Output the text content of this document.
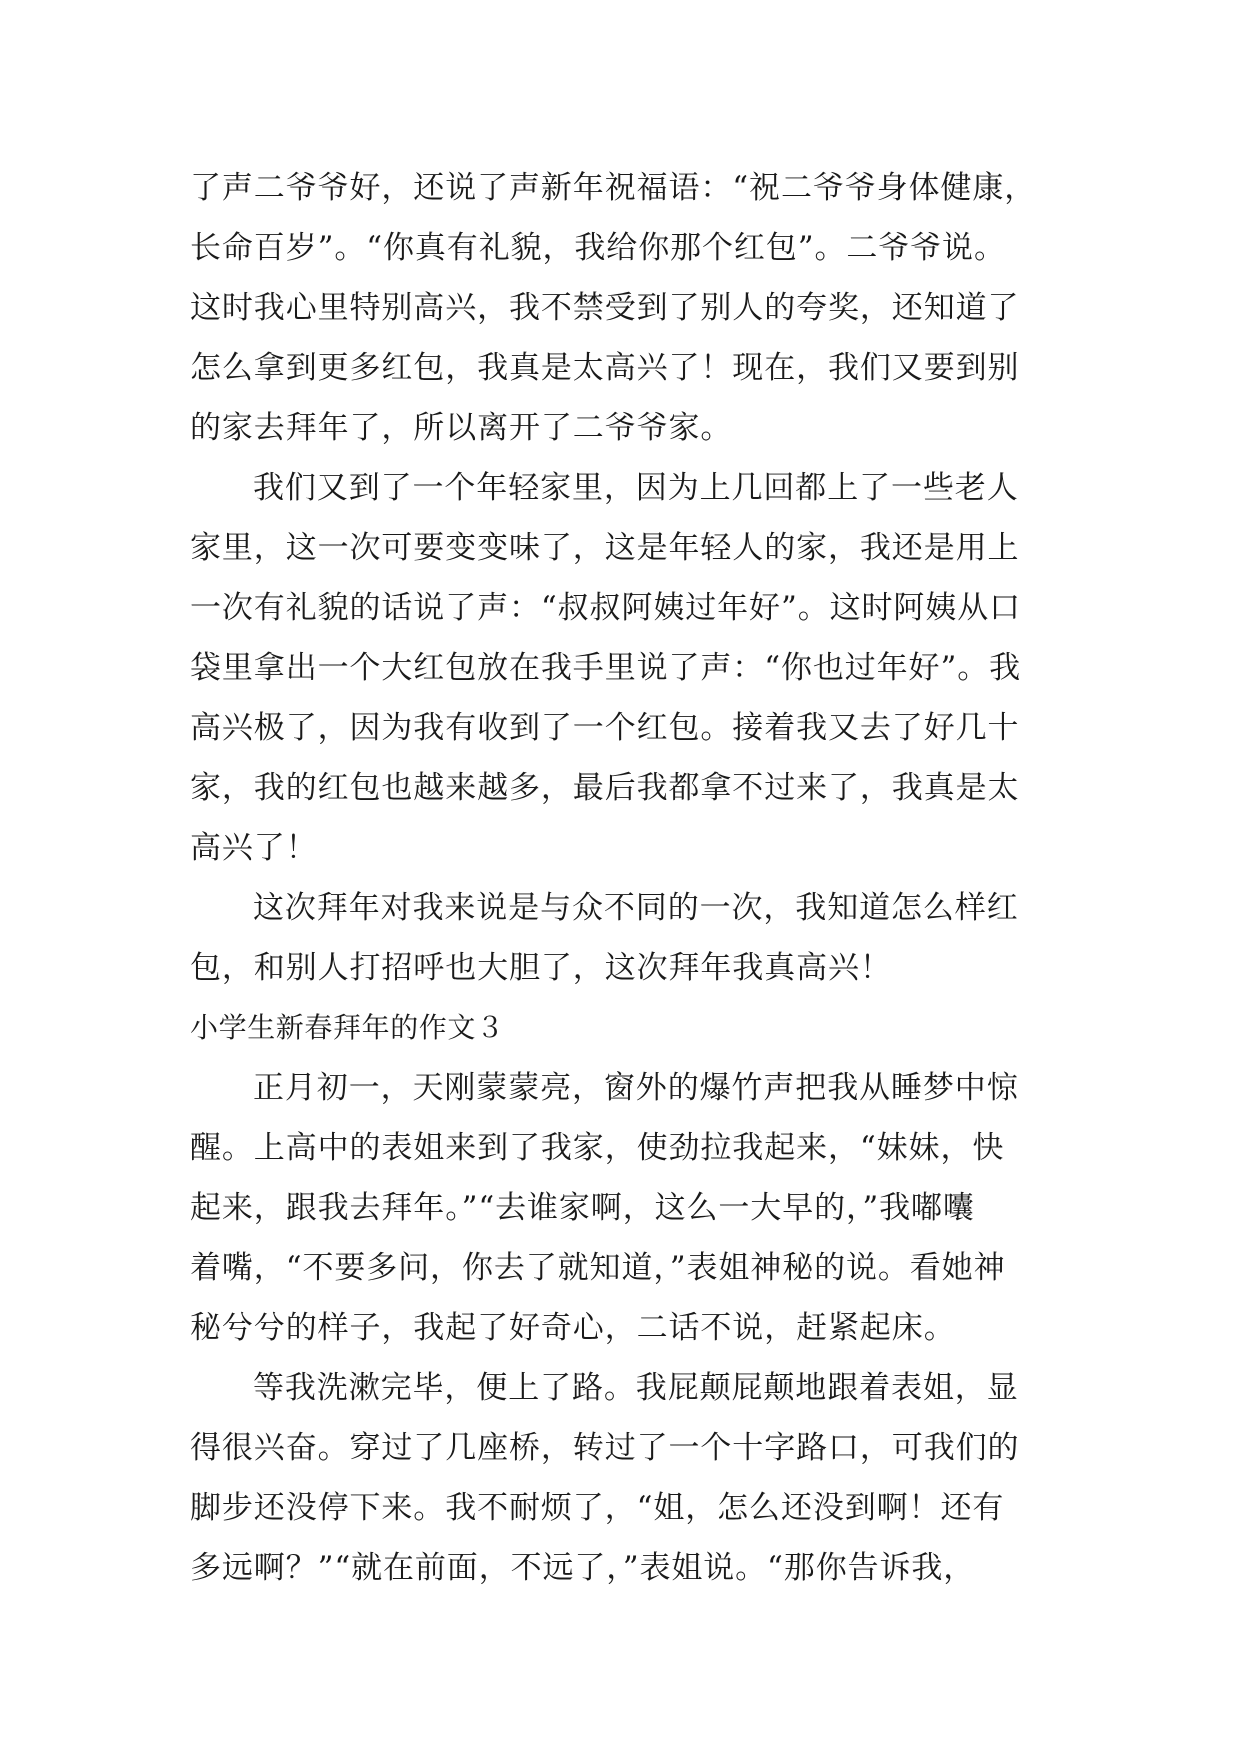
了声二爷爷好，还说了声新年祝福语：“祝二爷爷身体健康，
长命百岁”。“你真有礼貌，我给你那个红包”。二爷爷说。
这时我心里特别高兴，我不禁受到了别人的夸奖，还知道了
怎么拿到更多红包，我真是太高兴了！现在，我们又要到别
的家去拜年了，所以离开了二爷爷家。
我们又到了一个年轻家里，因为上几回都上了一些老人
家里，这一次可要变变味了，这是年轻人的家，我还是用上
一次有礼貌的话说了声：“叔叔阿姨过年好”。这时阿姨从口
袋里拿出一个大红包放在我手里说了声：“你也过年好”。我
高兴极了，因为我有收到了一个红包。接着我又去了好几十
家，我的红包也越来越多，最后我都拿不过来了，我真是太
高兴了！
这次拜年对我来说是与众不同的一次，我知道怎么样红
包，和别人打招呼也大胆了，这次拜年我真高兴！
小学生新春拜年的作文３
正月初一，天刚蒙蒙亮，窗外的爆竹声把我从睡梦中惊
醒。上高中的表姐来到了我家，使劲拉我起来，“妹妹，快
起来，跟我去拜年。”“去谁家啊，这么一大早的，”我嘟囔
着嘴，“不要多问，你去了就知道，”表姐神秘的说。看她神
秘兮兮的样子，我起了好奇心，二话不说，赶紧起床。
等我洗漱完毕，便上了路。我屁颠屁颠地跟着表姐，显
得很兴奋。穿过了几座桥，转过了一个十字路口，可我们的
脚步还没停下来。我不耐烦了，“姐，怎么还没到啊！还有
多远啊？”“就在前面，不远了，”表姐说。“那你告诉我，
